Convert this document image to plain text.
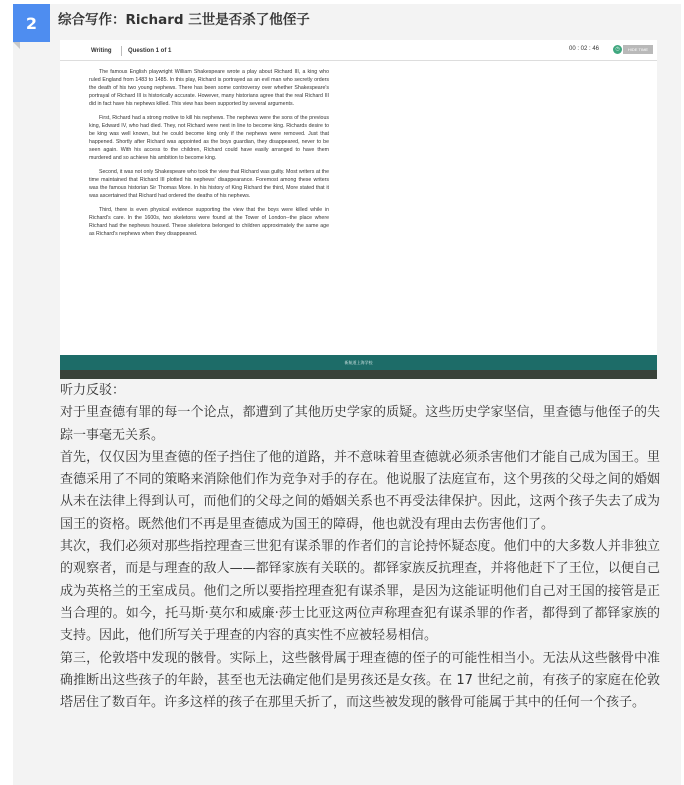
2	综合写作：Richard 三世是否杀了他侄子
Writing	Question 1 of 1	00 : 02 : 46	◷	HIDE TIME

The famous English playwright William Shakespeare wrote a play about Richard III, a king who ruled England from 1483 to 1485. In this play, Richard is portrayed as an evil man who secretly orders the death of his two young nephews. There has been some controversy over whether Shakespeare's portrayal of Richard III is historically accurate. However, many historians agree that the real Richard III did in fact have his nephews killed. This view has been supported by several arguments.

First, Richard had a strong motive to kill his nephews. The nephews were the sons of the previous king, Edward IV, who had died. They, not Richard were next in line to become king. Richards desire to be king was well known, but he could become king only if the nephews were removed. Just that happened. Shortly after Richard was appointed as the boys guardian, they disappeared, never to be seen again. With his access to the children, Richard could have easily arranged to have them murdered and so achieve his ambition to become king.

Second, it was not only Shakespeare who took the view that Richard was guilty. Most writers at the time maintained that Richard III plotted his nephews' disappearance. Foremost among these writers was the famous historian Sir Thomas More. In his history of King Richard the third, More stated that it was ascertained that Richard had ordered the deaths of his nephews.

Third, there is even physical evidence supporting the view that the boys were killed while in Richard's care. In the 1600s, two skeletons were found at the Tower of London--the place where Richard had the nephews housed. These skeletons belonged to children approximately the same age as Richard's nephews when they disappeared.

新航道上海学校

听力反驳：

对于里查德有罪的每一个论点，都遭到了其他历史学家的质疑。这些历史学家坚信，里查德与他侄子的失踪一事毫无关系。

首先，仅仅因为里查德的侄子挡住了他的道路，并不意味着里查德就必须杀害他们才能自己成为国王。里查德采用了不同的策略来消除他们作为竞争对手的存在。他说服了法庭宣布，这个男孩的父母之间的婚姻从未在法律上得到认可，而他们的父母之间的婚姻关系也不再受法律保护。因此，这两个孩子失去了成为国王的资格。既然他们不再是里查德成为国王的障碍，他也就没有理由去伤害他们了。

其次，我们必须对那些指控理查三世犯有谋杀罪的作者们的言论持怀疑态度。他们中的大多数人并非独立的观察者，而是与理查的敌人——都铎家族有关联的。都铎家族反抗理查，并将他赶下了王位，以便自己成为英格兰的王室成员。他们之所以要指控理查犯有谋杀罪，是因为这能证明他们自己对王国的接管是正当合理的。如今，托马斯·莫尔和威廉·莎士比亚这两位声称理查犯有谋杀罪的作者，都得到了都铎家族的支持。因此，他们所写关于理查的内容的真实性不应被轻易相信。

第三，伦敦塔中发现的骸骨。实际上，这些骸骨属于理查德的侄子的可能性相当小。无法从这些骸骨中准确推断出这些孩子的年龄，甚至也无法确定他们是男孩还是女孩。在 17 世纪之前，有孩子的家庭在伦敦塔居住了数百年。许多这样的孩子在那里夭折了，而这些被发现的骸骨可能属于其中的任何一个孩子。
